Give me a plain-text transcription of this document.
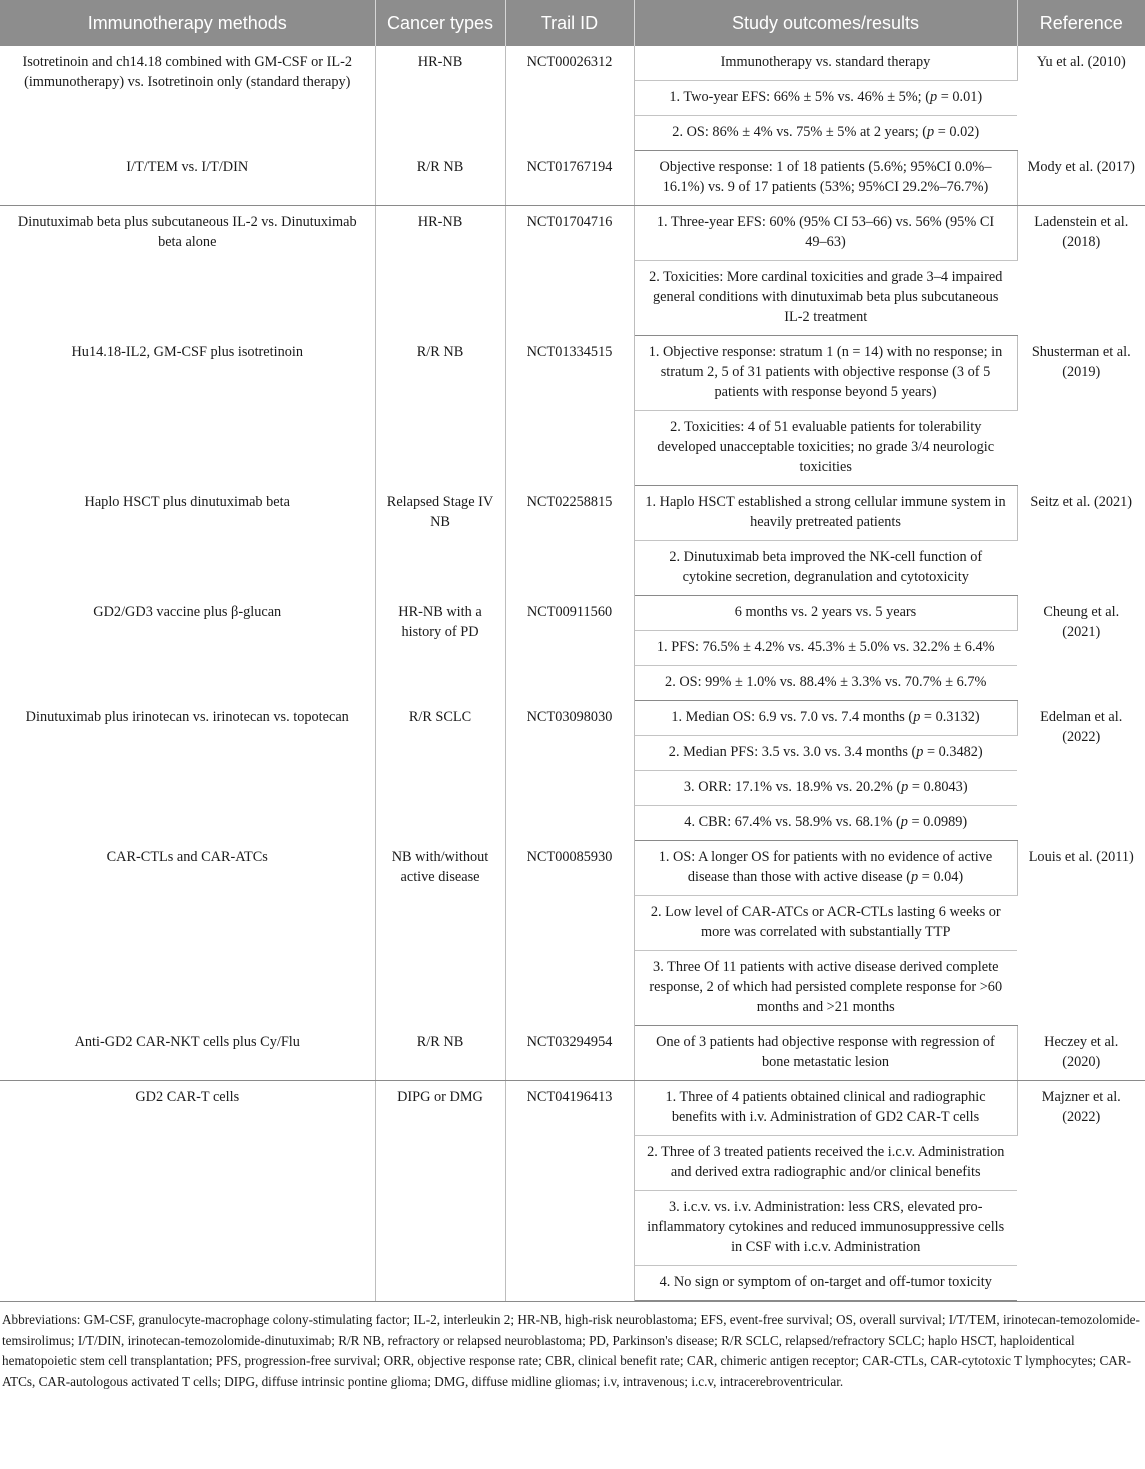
Immunotherapy methods	Cancer types	Trail ID	Study outcomes/results	Reference
Isotretinoin and ch14.18 combined with GM-CSF or IL-2 (immunotherapy) vs. Isotretinoin only (standard therapy)	HR-NB	NCT00026312	Immunotherapy vs. standard therapy	Yu et al. (2010)
			1. Two-year EFS: 66% ± 5% vs. 46% ± 5%; (p = 0.01)	
			2. OS: 86% ± 4% vs. 75% ± 5% at 2 years; (p = 0.02)	
I/T/TEM vs. I/T/DIN	R/R NB	NCT01767194	Objective response: 1 of 18 patients (5.6%; 95%CI 0.0%–16.1%) vs. 9 of 17 patients (53%; 95%CI 29.2%–76.7%)	Mody et al. (2017)
Dinutuximab beta plus subcutaneous IL-2 vs. Dinutuximab beta alone	HR-NB	NCT01704716	1. Three-year EFS: 60% (95% CI 53–66) vs. 56% (95% CI 49–63)	Ladenstein et al. (2018)
			2. Toxicities: More cardinal toxicities and grade 3–4 impaired general conditions with dinutuximab beta plus subcutaneous IL-2 treatment	
Hu14.18-IL2, GM-CSF plus isotretinoin	R/R NB	NCT01334515	1. Objective response: stratum 1 (n = 14) with no response; in stratum 2, 5 of 31 patients with objective response (3 of 5 patients with response beyond 5 years)	Shusterman et al. (2019)
			2. Toxicities: 4 of 51 evaluable patients for tolerability developed unacceptable toxicities; no grade 3/4 neurologic toxicities	
Haplo HSCT plus dinutuximab beta	Relapsed Stage IV NB	NCT02258815	1. Haplo HSCT established a strong cellular immune system in heavily pretreated patients	Seitz et al. (2021)
			2. Dinutuximab beta improved the NK-cell function of cytokine secretion, degranulation and cytotoxicity	
GD2/GD3 vaccine plus β-glucan	HR-NB with a history of PD	NCT00911560	6 months vs. 2 years vs. 5 years	Cheung et al. (2021)
			1. PFS: 76.5% ± 4.2% vs. 45.3% ± 5.0% vs. 32.2% ± 6.4%	
			2. OS: 99% ± 1.0% vs. 88.4% ± 3.3% vs. 70.7% ± 6.7%	
Dinutuximab plus irinotecan vs. irinotecan vs. topotecan	R/R SCLC	NCT03098030	1. Median OS: 6.9 vs. 7.0 vs. 7.4 months (p = 0.3132)	Edelman et al. (2022)
			2. Median PFS: 3.5 vs. 3.0 vs. 3.4 months (p = 0.3482)	
			3. ORR: 17.1% vs. 18.9% vs. 20.2% (p = 0.8043)	
			4. CBR: 67.4% vs. 58.9% vs. 68.1% (p = 0.0989)	
CAR-CTLs and CAR-ATCs	NB with/without active disease	NCT00085930	1. OS: A longer OS for patients with no evidence of active disease than those with active disease (p = 0.04)	Louis et al. (2011)
			2. Low level of CAR-ATCs or ACR-CTLs lasting 6 weeks or more was correlated with substantially TTP	
			3. Three Of 11 patients with active disease derived complete response, 2 of which had persisted complete response for >60 months and >21 months	
Anti-GD2 CAR-NKT cells plus Cy/Flu	R/R NB	NCT03294954	One of 3 patients had objective response with regression of bone metastatic lesion	Heczey et al. (2020)
GD2 CAR-T cells	DIPG or DMG	NCT04196413	1. Three of 4 patients obtained clinical and radiographic benefits with i.v. Administration of GD2 CAR-T cells	Majzner et al. (2022)
			2. Three of 3 treated patients received the i.c.v. Administration and derived extra radiographic and/or clinical benefits	
			3. i.c.v. vs. i.v. Administration: less CRS, elevated pro-inflammatory cytokines and reduced immunosuppressive cells in CSF with i.c.v. Administration	
			4. No sign or symptom of on-target and off-tumor toxicity	
Abbreviations: GM-CSF, granulocyte-macrophage colony-stimulating factor; IL-2, interleukin 2; HR-NB, high-risk neuroblastoma; EFS, event-free survival; OS, overall survival; I/T/TEM, irinotecan-temozolomide-temsirolimus; I/T/DIN, irinotecan-temozolomide-dinutuximab; R/R NB, refractory or relapsed neuroblastoma; PD, Parkinson's disease; R/R SCLC, relapsed/refractory SCLC; haplo HSCT, haploidentical hematopoietic stem cell transplantation; PFS, progression-free survival; ORR, objective response rate; CBR, clinical benefit rate; CAR, chimeric antigen receptor; CAR-CTLs, CAR-cytotoxic T lymphocytes; CAR-ATCs, CAR-autologous activated T cells; DIPG, diffuse intrinsic pontine glioma; DMG, diffuse midline gliomas; i.v, intravenous; i.c.v, intracerebroventricular.
